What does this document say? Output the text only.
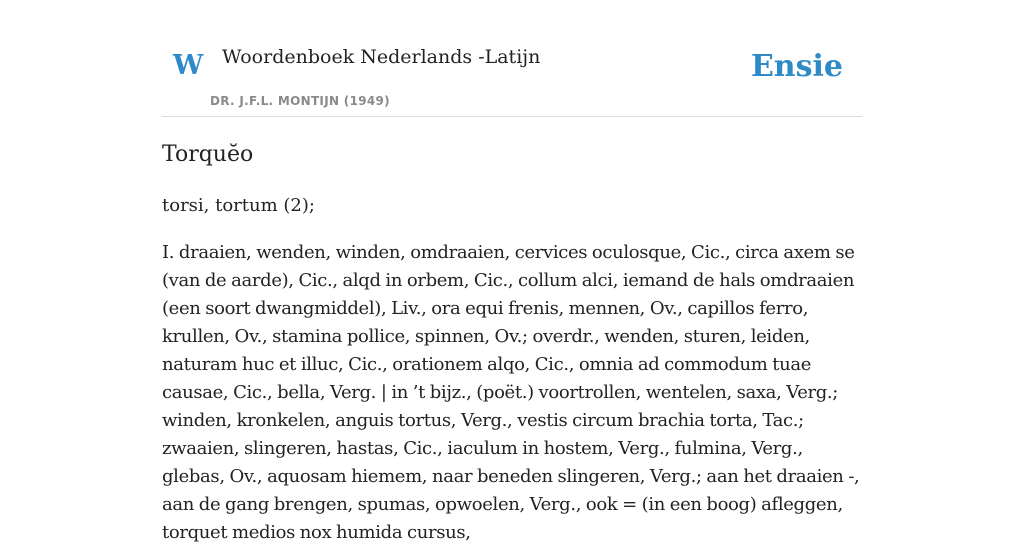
W Woordenboek Nederlands -Latijn
DR. J.F.L. MONTIJN (1949)
Ensie
Torquĕo

torsi, tortum (2);

I. draaien, wenden, winden, omdraaien, cervices oculosque, Cic., circa axem se (van de aarde), Cic., alqd in orbem, Cic., collum alci, iemand de hals omdraaien (een soort dwangmiddel), Liv., ora equi frenis, mennen, Ov., capillos ferro, krullen, Ov., stamina pollice, spinnen, Ov.; overdr., wenden, sturen, leiden, naturam huc et illuc, Cic., orationem alqo, Cic., omnia ad commodum tuae causae, Cic., bella, Verg. | in ’t bijz., (poët.) voortrollen, wentelen, saxa, Verg.; winden, kronkelen, anguis tortus, Verg., vestis circum brachia torta, Tac.; zwaaien, slingeren, hastas, Cic., iaculum in hostem, Verg., fulmina, Verg., glebas, Ov., aquosam hiemem, naar beneden slingeren, Verg.; aan het draaien -, aan de gang brengen, spumas, opwoelen, Verg., ook = (in een boog) afleggen, torquet medios nox humida cursus,
